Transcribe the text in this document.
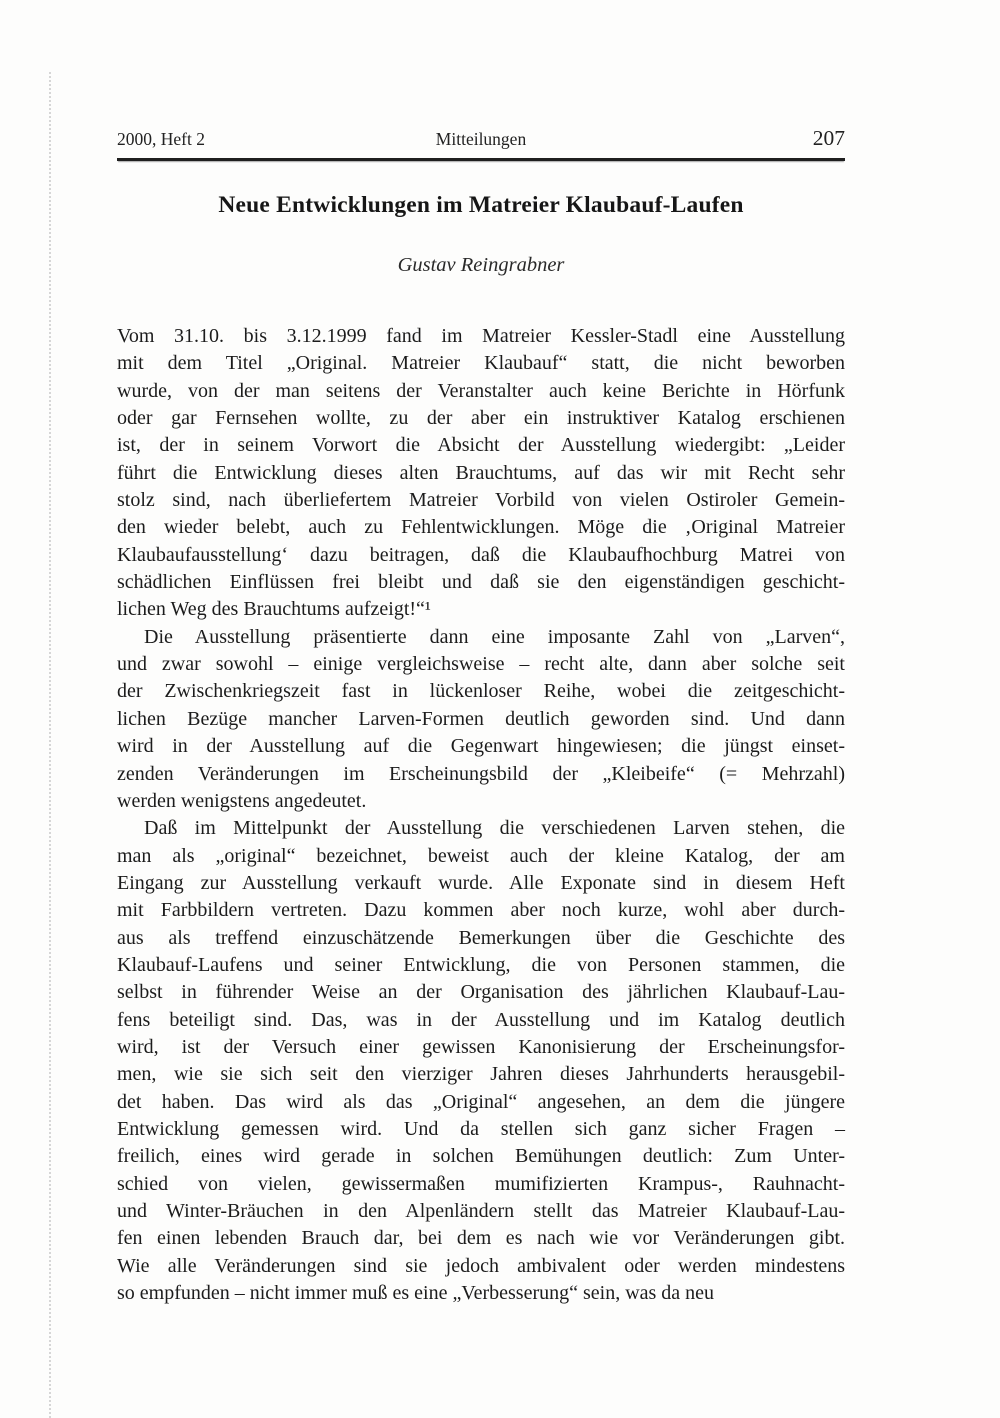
2000, Heft 2	Mitteilungen	207
Neue Entwicklungen im Matreier Klaubauf-Laufen
Gustav Reingrabner
Vom 31.10. bis 3.12.1999 fand im Matreier Kessler-Stadl eine Ausstellung
mit dem Titel „Original. Matreier Klaubauf“ statt, die nicht beworben
wurde, von der man seitens der Veranstalter auch keine Berichte in Hörfunk
oder gar Fernsehen wollte, zu der aber ein instruktiver Katalog erschienen
ist, der in seinem Vorwort die Absicht der Ausstellung wiedergibt: „Leider
führt die Entwicklung dieses alten Brauchtums, auf das wir mit Recht sehr
stolz sind, nach überliefertem Matreier Vorbild von vielen Ostiroler Gemein-
den wieder belebt, auch zu Fehlentwicklungen. Möge die ‚Original Matreier
Klaubaufausstellung‘ dazu beitragen, daß die Klaubaufhochburg Matrei von
schädlichen Einflüssen frei bleibt und daß sie den eigenständigen geschicht-
lichen Weg des Brauchtums aufzeigt!“¹
Die Ausstellung präsentierte dann eine imposante Zahl von „Larven“,
und zwar sowohl – einige vergleichsweise – recht alte, dann aber solche seit
der Zwischenkriegszeit fast in lückenloser Reihe, wobei die zeitgeschicht-
lichen Bezüge mancher Larven-Formen deutlich geworden sind. Und dann
wird in der Ausstellung auf die Gegenwart hingewiesen; die jüngst einset-
zenden Veränderungen im Erscheinungsbild der „Kleibeife“ (= Mehrzahl)
werden wenigstens angedeutet.
Daß im Mittelpunkt der Ausstellung die verschiedenen Larven stehen, die
man als „original“ bezeichnet, beweist auch der kleine Katalog, der am
Eingang zur Ausstellung verkauft wurde. Alle Exponate sind in diesem Heft
mit Farbbildern vertreten. Dazu kommen aber noch kurze, wohl aber durch-
aus als treffend einzuschätzende Bemerkungen über die Geschichte des
Klaubauf-Laufens und seiner Entwicklung, die von Personen stammen, die
selbst in führender Weise an der Organisation des jährlichen Klaubauf-Lau-
fens beteiligt sind. Das, was in der Ausstellung und im Katalog deutlich
wird, ist der Versuch einer gewissen Kanonisierung der Erscheinungsfor-
men, wie sie sich seit den vierziger Jahren dieses Jahrhunderts herausgebil-
det haben. Das wird als das „Original“ angesehen, an dem die jüngere
Entwicklung gemessen wird. Und da stellen sich ganz sicher Fragen –
freilich, eines wird gerade in solchen Bemühungen deutlich: Zum Unter-
schied von vielen, gewissermaßen mumifizierten Krampus-, Rauhnacht-
und Winter-Bräuchen in den Alpenländern stellt das Matreier Klaubauf-Lau-
fen einen lebenden Brauch dar, bei dem es nach wie vor Veränderungen gibt.
Wie alle Veränderungen sind sie jedoch ambivalent oder werden mindestens
so empfunden – nicht immer muß es eine „Verbesserung“ sein, was da neu
